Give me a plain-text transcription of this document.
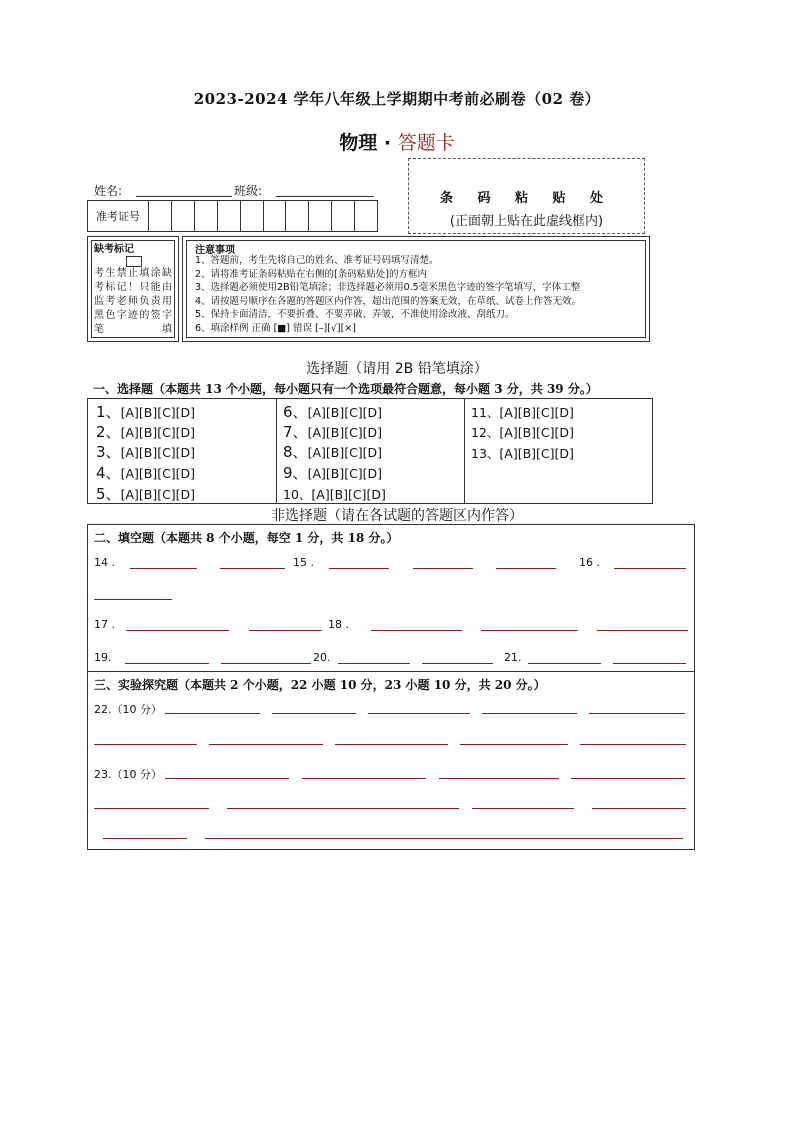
2023-2024 学年八年级上学期期中考前必刷卷（02 卷）
物理 · 答题卡
姓名:	班级:
准考证号
条 码 粘 贴 处
(正面朝上贴在此虚线框内)
缺考标记
考生禁止填涂缺考标记！只能由监考老师负责用黑色字迹的签字笔填
注意事项
1、答题前，考生先将自己的姓名、准考证号码填写清楚。
2、请将准考证条码粘贴在右侧的[条码粘贴处]的方框内
3、选择题必须使用2B铅笔填涂；非选择题必须用0.5毫米黑色字迹的签字笔填写，字体工整
4、请按题号顺序在各题的答题区内作答，超出范围的答案无效，在草纸、试卷上作答无效。
5、保持卡面清洁，不要折叠、不要弄破、弄皱，不准使用涂改液、刮纸刀。
6、填涂样例 正确 [■] 错误 [–][√][×]
选择题（请用 2B 铅笔填涂）
一、选择题（本题共 13 个小题，每小题只有一个选项最符合题意，每小题 3 分，共 39 分。）
1、[A][B][C][D]
2、[A][B][C][D]
3、[A][B][C][D]
4、[A][B][C][D]
5、[A][B][C][D]
6、[A][B][C][D]
7、[A][B][C][D]
8、[A][B][C][D]
9、[A][B][C][D]
10、[A][B][C][D]
11、[A][B][C][D]
12、[A][B][C][D]
13、[A][B][C][D]
非选择题（请在各试题的答题区内作答）
二、填空题（本题共 8 个小题，每空 1 分，共 18 分。）
14 .	15 .	16 .
17 .	18 .
19.	20.	21.
三、实验探究题（本题共 2 个小题，22 小题 10 分，23 小题 10 分，共 20 分。）
22.（10 分）
23.（10 分）
